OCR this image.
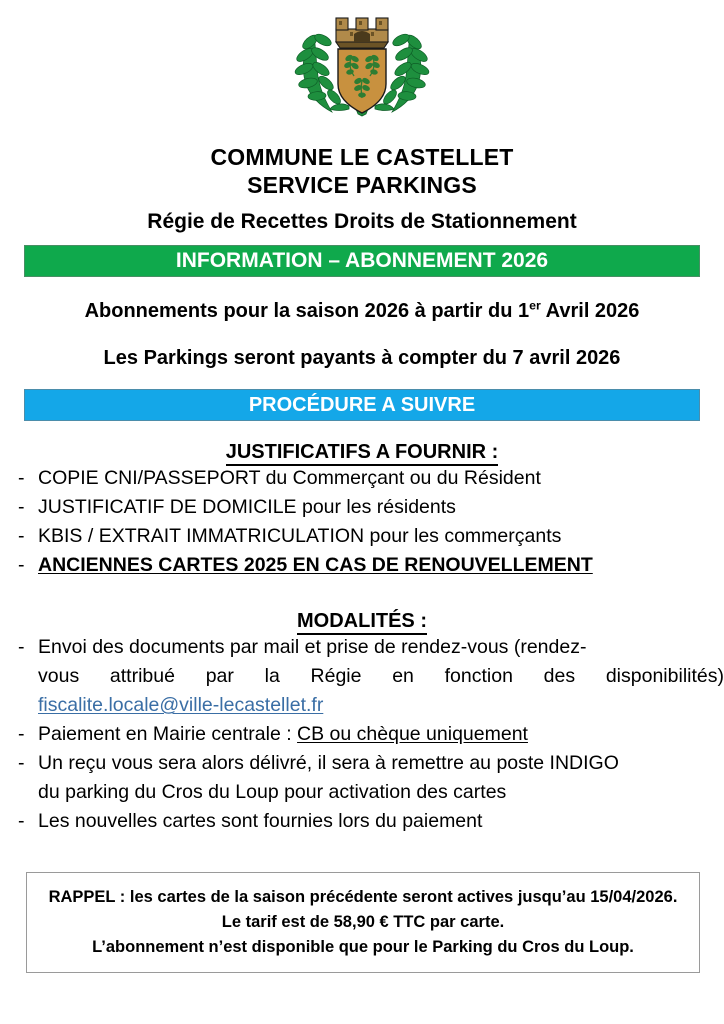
COMMUNE LE CASTELLET
SERVICE PARKINGS
Régie de Recettes Droits de Stationnement
INFORMATION – ABONNEMENT 2026
Abonnements pour la saison 2026 à partir du 1er Avril 2026
Les Parkings seront payants à compter du 7 avril 2026
PROCÉDURE A SUIVRE
JUSTIFICATIFS A FOURNIR :
- COPIE CNI/PASSEPORT du Commerçant ou du Résident
- JUSTIFICATIF DE DOMICILE pour les résidents
- KBIS / EXTRAIT IMMATRICULATION pour les commerçants
- ANCIENNES CARTES 2025 EN CAS DE RENOUVELLEMENT
MODALITÉS :
- Envoi des documents par mail et prise de rendez-vous (rendez-
vous attribué par la Régie en fonction des disponibilités)
fiscalite.locale@ville-lecastellet.fr
- Paiement en Mairie centrale : CB ou chèque uniquement
- Un reçu vous sera alors délivré, il sera à remettre au poste INDIGO
du parking du Cros du Loup pour activation des cartes
- Les nouvelles cartes sont fournies lors du paiement

RAPPEL : les cartes de la saison précédente seront actives jusqu’au 15/04/2026.

Le tarif est de 58,90 € TTC par carte.

L’abonnement n’est disponible que pour le Parking du Cros du Loup.
